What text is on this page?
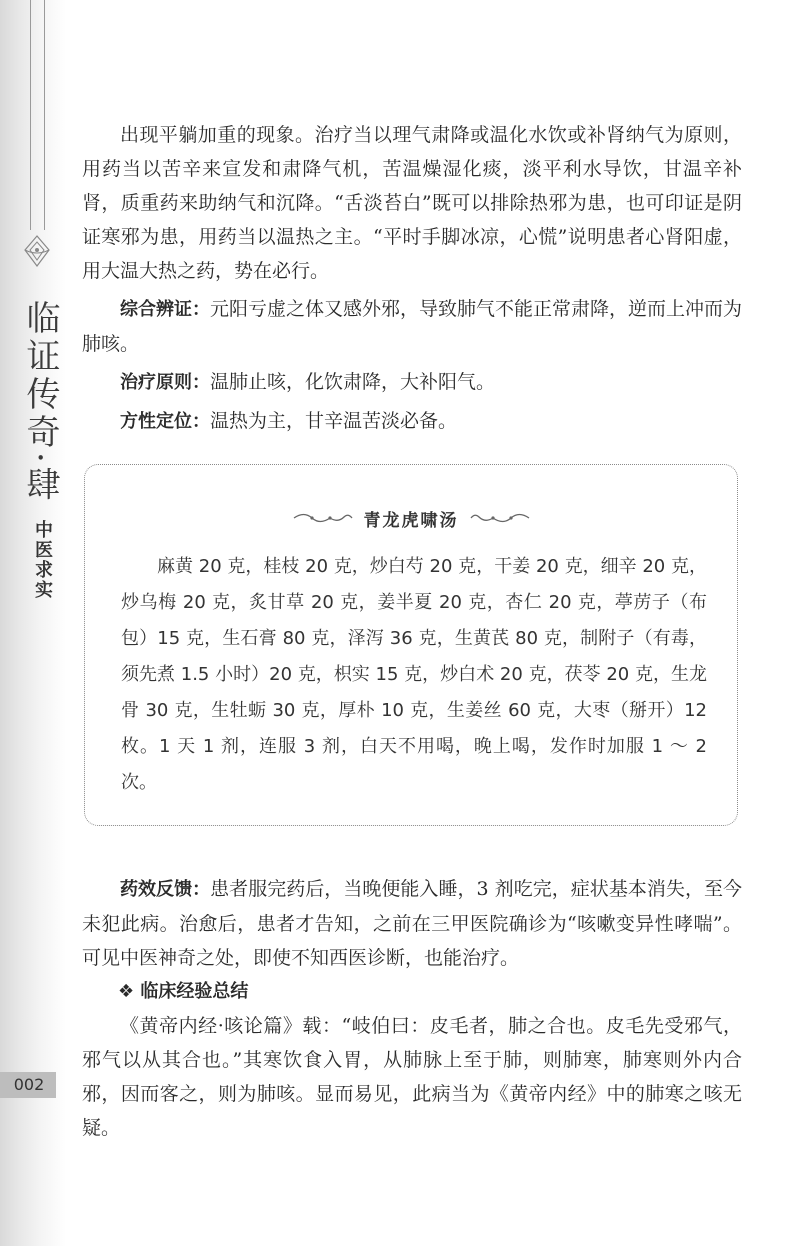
临证传奇·肆
中医求实
002

出现平躺加重的现象。治疗当以理气肃降或温化水饮或补肾纳气为原则，用药当以苦辛来宣发和肃降气机，苦温燥湿化痰，淡平利水导饮，甘温辛补肾，质重药来助纳气和沉降。“舌淡苔白”既可以排除热邪为患，也可印证是阴证寒邪为患，用药当以温热之主。“平时手脚冰凉，心慌”说明患者心肾阳虚，用大温大热之药，势在必行。

综合辨证：元阳亏虚之体又感外邪，导致肺气不能正常肃降，逆而上冲而为肺咳。

治疗原则：温肺止咳，化饮肃降，大补阳气。

方性定位：温热为主，甘辛温苦淡必备。

青龙虎啸汤
麻黄 20 克，桂枝 20 克，炒白芍 20 克，干姜 20 克，细辛 20 克，炒乌梅 20 克，炙甘草 20 克，姜半夏 20 克，杏仁 20 克，葶苈子（布包）15 克，生石膏 80 克，泽泻 36 克，生黄芪 80 克，制附子（有毒，须先煮 1.5 小时）20 克，枳实 15 克，炒白术 20 克，茯苓 20 克，生龙骨 30 克，生牡蛎 30 克，厚朴 10 克，生姜丝 60 克，大枣（掰开）12 枚。1 天 1 剂，连服 3 剂，白天不用喝，晚上喝，发作时加服 1 ～ 2 次。

药效反馈：患者服完药后，当晚便能入睡，3 剂吃完，症状基本消失，至今未犯此病。治愈后，患者才告知，之前在三甲医院确诊为“咳嗽变异性哮喘”。可见中医神奇之处，即使不知西医诊断，也能治疗。

❖ 临床经验总结

《黄帝内经·咳论篇》载：“岐伯曰：皮毛者，肺之合也。皮毛先受邪气，邪气以从其合也。”其寒饮食入胃，从肺脉上至于肺，则肺寒，肺寒则外内合邪，因而客之，则为肺咳。显而易见，此病当为《黄帝内经》中的肺寒之咳无疑。
